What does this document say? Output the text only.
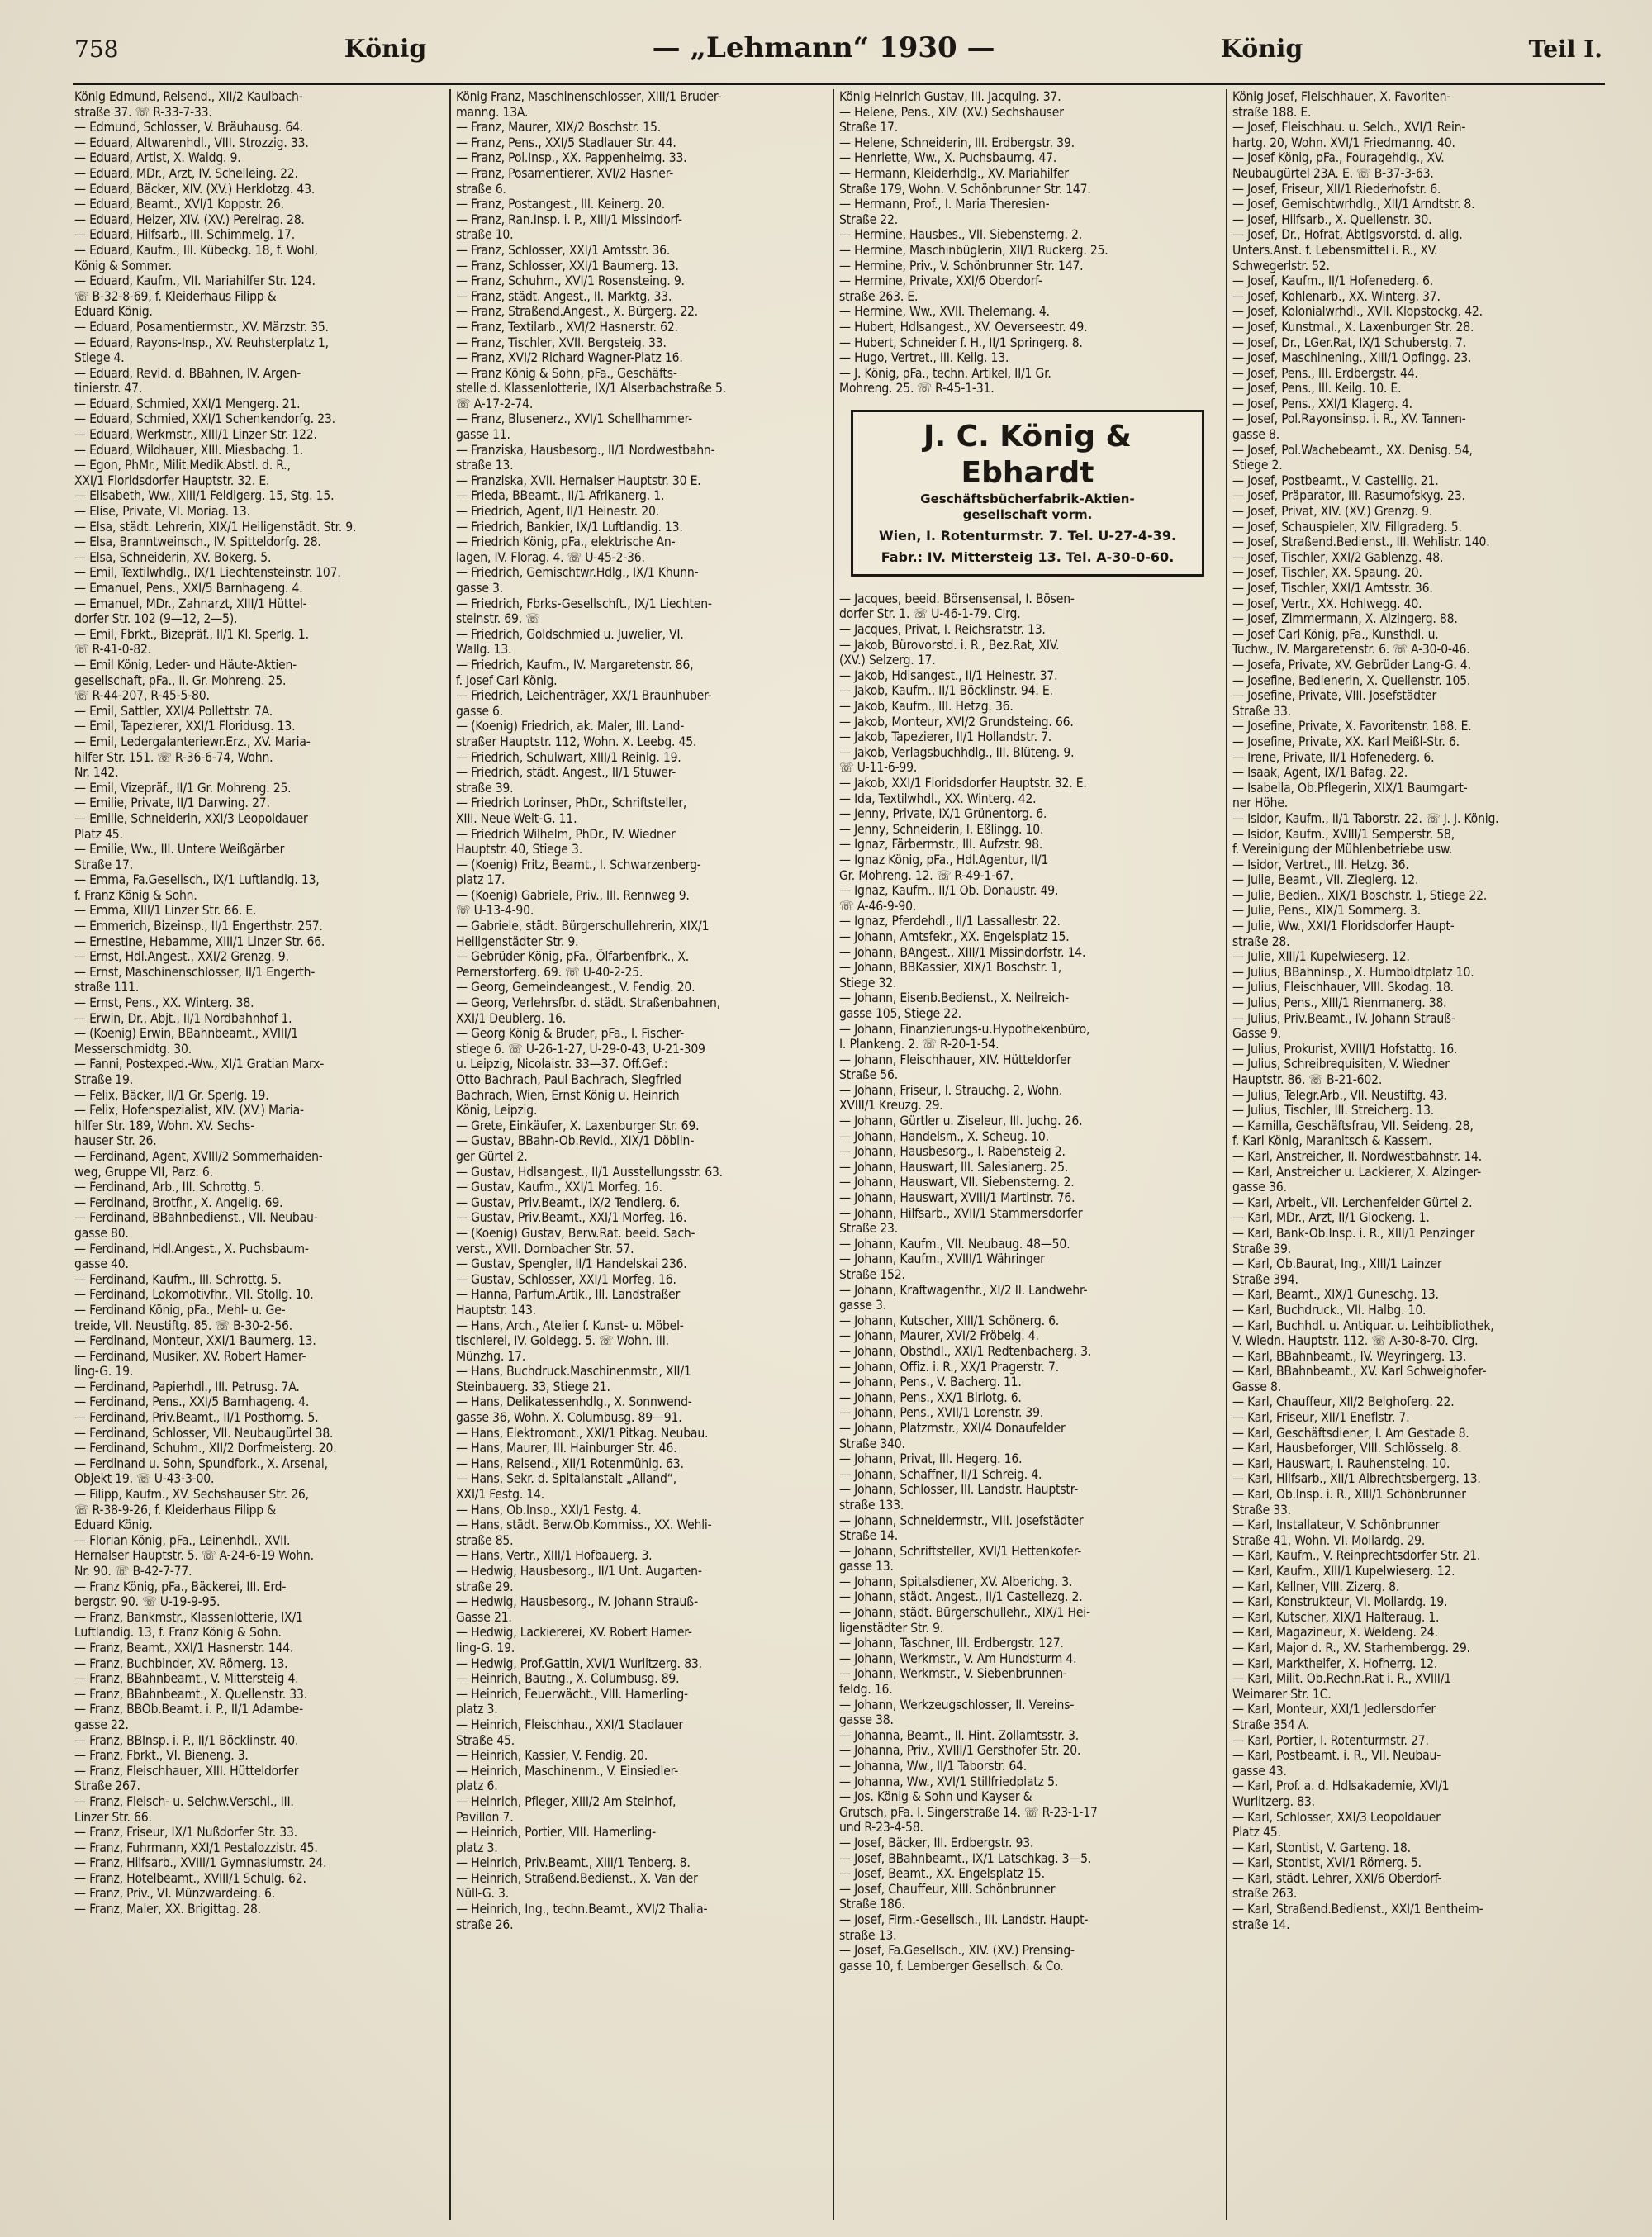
758	König	— „Lehmann“ 1930 —	König	Teil I.
König Edmund, Reisend., XII/2 Kaulbach-
straße 37. ☏ R-33-7-33.
— Edmund, Schlosser, V. Bräuhausg. 64.
— Eduard, Altwarenhdl., VIII. Strozzig. 33.
— Eduard, Artist, X. Waldg. 9.
— Eduard, MDr., Arzt, IV. Schelleing. 22.
— Eduard, Bäcker, XIV. (XV.) Herklotzg. 43.
— Eduard, Beamt., XVI/1 Koppstr. 26.
— Eduard, Heizer, XIV. (XV.) Pereirag. 28.
— Eduard, Hilfsarb., III. Schimmelg. 17.
— Eduard, Kaufm., III. Kübeckg. 18, f. Wohl,
König & Sommer.
— Eduard, Kaufm., VII. Mariahilfer Str. 124.
☏ B-32-8-69, f. Kleiderhaus Filipp &
Eduard König.
— Eduard, Posamentiermstr., XV. Märzstr. 35.
— Eduard, Rayons-Insp., XV. Reuhsterplatz 1,
Stiege 4.
— Eduard, Revid. d. BBahnen, IV. Argen-
tinierstr. 47.
— Eduard, Schmied, XXI/1 Mengerg. 21.
— Eduard, Schmied, XXI/1 Schenkendorfg. 23.
— Eduard, Werkmstr., XIII/1 Linzer Str. 122.
— Eduard, Wildhauer, XIII. Miesbachg. 1.
— Egon, PhMr., Milit.Medik.Abstl. d. R.,
XXI/1 Floridsdorfer Hauptstr. 32. E.
— Elisabeth, Ww., XIII/1 Feldigerg. 15, Stg. 15.
— Elise, Private, VI. Moriag. 13.
— Elsa, städt. Lehrerin, XIX/1 Heiligenstädt. Str. 9.
— Elsa, Branntweinsch., IV. Spitteldorfg. 28.
— Elsa, Schneiderin, XV. Bokerg. 5.
— Emil, Textilwhdlg., IX/1 Liechtensteinstr. 107.
— Emanuel, Pens., XXI/5 Barnhageng. 4.
— Emanuel, MDr., Zahnarzt, XIII/1 Hüttel-
dorfer Str. 102 (9—12, 2—5).
— Emil, Fbrkt., Bizepräf., II/1 Kl. Sperlg. 1.
☏ R-41-0-82.
— Emil König, Leder- und Häute-Aktien-
gesellschaft, pFa., II. Gr. Mohreng. 25.
☏ R-44-207, R-45-5-80.
— Emil, Sattler, XXI/4 Pollettstr. 7A.
— Emil, Tapezierer, XXI/1 Floridusg. 13.
— Emil, Ledergalanteriewr.Erz., XV. Maria-
hilfer Str. 151. ☏ R-36-6-74, Wohn.
Nr. 142.
— Emil, Vizepräf., II/1 Gr. Mohreng. 25.
— Emilie, Private, II/1 Darwing. 27.
— Emilie, Schneiderin, XXI/3 Leopoldauer
Platz 45.
— Emilie, Ww., III. Untere Weißgärber
Straße 17.
— Emma, Fa.Gesellsch., IX/1 Luftlandig. 13,
f. Franz König & Sohn.
— Emma, XIII/1 Linzer Str. 66. E.
— Emmerich, Bizeinsp., II/1 Engerthstr. 257.
— Ernestine, Hebamme, XIII/1 Linzer Str. 66.
— Ernst, Hdl.Angest., XXI/2 Grenzg. 9.
— Ernst, Maschinenschlosser, II/1 Engerth-
straße 111.
— Ernst, Pens., XX. Winterg. 38.
— Erwin, Dr., Abjt., II/1 Nordbahnhof 1.
— (Koenig) Erwin, BBahnbeamt., XVIII/1
Messerschmidtg. 30.
— Fanni, Postexped.-Ww., XI/1 Gratian Marx-
Straße 19.
— Felix, Bäcker, II/1 Gr. Sperlg. 19.
— Felix, Hofenspezialist, XIV. (XV.) Maria-
hilfer Str. 189, Wohn. XV. Sechs-
hauser Str. 26.
— Ferdinand, Agent, XVIII/2 Sommerhaiden-
weg, Gruppe VII, Parz. 6.
— Ferdinand, Arb., III. Schrottg. 5.
— Ferdinand, Brotfhr., X. Angelig. 69.
— Ferdinand, BBahnbedienst., VII. Neubau-
gasse 80.
— Ferdinand, Hdl.Angest., X. Puchsbaum-
gasse 40.
— Ferdinand, Kaufm., III. Schrottg. 5.
— Ferdinand, Lokomotivfhr., VII. Stollg. 10.
— Ferdinand König, pFa., Mehl- u. Ge-
treide, VII. Neustiftg. 85. ☏ B-30-2-56.
— Ferdinand, Monteur, XXI/1 Baumerg. 13.
— Ferdinand, Musiker, XV. Robert Hamer-
ling-G. 19.
— Ferdinand, Papierhdl., III. Petrusg. 7A.
— Ferdinand, Pens., XXI/5 Barnhageng. 4.
— Ferdinand, Priv.Beamt., II/1 Posthorng. 5.
— Ferdinand, Schlosser, VII. Neubaugürtel 38.
— Ferdinand, Schuhm., XII/2 Dorfmeisterg. 20.
— Ferdinand u. Sohn, Spundfbrk., X. Arsenal,
Objekt 19. ☏ U-43-3-00.
— Filipp, Kaufm., XV. Sechshauser Str. 26,
☏ R-38-9-26, f. Kleiderhaus Filipp &
Eduard König.
— Florian König, pFa., Leinenhdl., XVII.
Hernalser Hauptstr. 5. ☏ A-24-6-19 Wohn.
Nr. 90. ☏ B-42-7-77.
— Franz König, pFa., Bäckerei, III. Erd-
bergstr. 90. ☏ U-19-9-95.
— Franz, Bankmstr., Klassenlotterie, IX/1
Luftlandig. 13, f. Franz König & Sohn.
— Franz, Beamt., XXI/1 Hasnerstr. 144.
— Franz, Buchbinder, XV. Römerg. 13.
— Franz, BBahnbeamt., V. Mittersteig 4.
— Franz, BBahnbeamt., X. Quellenstr. 33.
— Franz, BBOb.Beamt. i. P., II/1 Adambe-
gasse 22.
— Franz, BBInsp. i. P., II/1 Böcklinstr. 40.
— Franz, Fbrkt., VI. Bieneng. 3.
— Franz, Fleischhauer, XIII. Hütteldorfer
Straße 267.
— Franz, Fleisch- u. Selchw.Verschl., III.
Linzer Str. 66.
— Franz, Friseur, IX/1 Nußdorfer Str. 33.
— Franz, Fuhrmann, XXI/1 Pestalozzistr. 45.
— Franz, Hilfsarb., XVIII/1 Gymnasiumstr. 24.
— Franz, Hotelbeamt., XVIII/1 Schulg. 62.
— Franz, Priv., VI. Münzwardeing. 6.
— Franz, Maler, XX. Brigittag. 28.
König Franz, Maschinenschlosser, XIII/1 Bruder-
manng. 13A.
— Franz, Maurer, XIX/2 Boschstr. 15.
— Franz, Pens., XXI/5 Stadlauer Str. 44.
— Franz, Pol.Insp., XX. Pappenheimg. 33.
— Franz, Posamentierer, XVI/2 Hasner-
straße 6.
— Franz, Postangest., III. Keinerg. 20.
— Franz, Ran.Insp. i. P., XIII/1 Missindorf-
straße 10.
— Franz, Schlosser, XXI/1 Amtsstr. 36.
— Franz, Schlosser, XXI/1 Baumerg. 13.
— Franz, Schuhm., XVI/1 Rosensteing. 9.
— Franz, städt. Angest., II. Marktg. 33.
— Franz, Straßend.Angest., X. Bürgerg. 22.
— Franz, Textilarb., XVI/2 Hasnerstr. 62.
— Franz, Tischler, XVII. Bergsteig. 33.
— Franz, XVI/2 Richard Wagner-Platz 16.
— Franz König & Sohn, pFa., Geschäfts-
stelle d. Klassenlotterie, IX/1 Alserbachstraße 5.
☏ A-17-2-74.
— Franz, Blusenerz., XVI/1 Schellhammer-
gasse 11.
— Franziska, Hausbesorg., II/1 Nordwestbahn-
straße 13.
— Franziska, XVII. Hernalser Hauptstr. 30 E.
— Frieda, BBeamt., II/1 Afrikanerg. 1.
— Friedrich, Agent, II/1 Heinestr. 20.
— Friedrich, Bankier, IX/1 Luftlandig. 13.
— Friedrich König, pFa., elektrische An-
lagen, IV. Florag. 4. ☏ U-45-2-36.
— Friedrich, Gemischtwr.Hdlg., IX/1 Khunn-
gasse 3.
— Friedrich, Fbrks-Gesellschft., IX/1 Liechten-
steinstr. 69. ☏
— Friedrich, Goldschmied u. Juwelier, VI.
Wallg. 13.
— Friedrich, Kaufm., IV. Margaretenstr. 86,
f. Josef Carl König.
— Friedrich, Leichenträger, XX/1 Braunhuber-
gasse 6.
— (Koenig) Friedrich, ak. Maler, III. Land-
straßer Hauptstr. 112, Wohn. X. Leebg. 45.
— Friedrich, Schulwart, XIII/1 Reinlg. 19.
— Friedrich, städt. Angest., II/1 Stuwer-
straße 39.
— Friedrich Lorinser, PhDr., Schriftsteller,
XIII. Neue Welt-G. 11.
— Friedrich Wilhelm, PhDr., IV. Wiedner
Hauptstr. 40, Stiege 3.
— (Koenig) Fritz, Beamt., I. Schwarzenberg-
platz 17.
— (Koenig) Gabriele, Priv., III. Rennweg 9.
☏ U-13-4-90.
— Gabriele, städt. Bürgerschullehrerin, XIX/1
Heiligenstädter Str. 9.
— Gebrüder König, pFa., Ölfarbenfbrk., X.
Pernerstorferg. 69. ☏ U-40-2-25.
— Georg, Gemeindeangest., V. Fendig. 20.
— Georg, Verlehrsfbr. d. städt. Straßenbahnen,
XXI/1 Deublerg. 16.
— Georg König & Bruder, pFa., I. Fischer-
stiege 6. ☏ U-26-1-27, U-29-0-43, U-21-309
u. Leipzig, Nicolaistr. 33—37. Öff.Gef.:
Otto Bachrach, Paul Bachrach, Siegfried
Bachrach, Wien, Ernst König u. Heinrich
König, Leipzig.
— Grete, Einkäufer, X. Laxenburger Str. 69.
— Gustav, BBahn-Ob.Revid., XIX/1 Döblin-
ger Gürtel 2.
— Gustav, Hdlsangest., II/1 Ausstellungsstr. 63.
— Gustav, Kaufm., XXI/1 Morfeg. 16.
— Gustav, Priv.Beamt., IX/2 Tendlerg. 6.
— Gustav, Priv.Beamt., XXI/1 Morfeg. 16.
— (Koenig) Gustav, Berw.Rat. beeid. Sach-
verst., XVII. Dornbacher Str. 57.
— Gustav, Spengler, II/1 Handelskai 236.
— Gustav, Schlosser, XXI/1 Morfeg. 16.
— Hanna, Parfum.Artik., III. Landstraßer
Hauptstr. 143.
— Hans, Arch., Atelier f. Kunst- u. Möbel-
tischlerei, IV. Goldegg. 5. ☏ Wohn. III.
Münzhg. 17.
— Hans, Buchdruck.Maschinenmstr., XII/1
Steinbauerg. 33, Stiege 21.
— Hans, Delikatessenhdlg., X. Sonnwend-
gasse 36, Wohn. X. Columbusg. 89—91.
— Hans, Elektromont., XXI/1 Pitkag. Neubau.
— Hans, Maurer, III. Hainburger Str. 46.
— Hans, Reisend., XII/1 Rotenmühlg. 63.
— Hans, Sekr. d. Spitalanstalt „Alland“,
XXI/1 Festg. 14.
— Hans, Ob.Insp., XXI/1 Festg. 4.
— Hans, städt. Berw.Ob.Kommiss., XX. Wehli-
straße 85.
— Hans, Vertr., XIII/1 Hofbauerg. 3.
— Hedwig, Hausbesorg., II/1 Unt. Augarten-
straße 29.
— Hedwig, Hausbesorg., IV. Johann Strauß-
Gasse 21.
— Hedwig, Lackiererei, XV. Robert Hamer-
ling-G. 19.
— Hedwig, Prof.Gattin, XVI/1 Wurlitzerg. 83.
— Heinrich, Bautng., X. Columbusg. 89.
— Heinrich, Feuerwächt., VIII. Hamerling-
platz 3.
— Heinrich, Fleischhau., XXI/1 Stadlauer
Straße 45.
— Heinrich, Kassier, V. Fendig. 20.
— Heinrich, Maschinenm., V. Einsiedler-
platz 6.
— Heinrich, Pfleger, XIII/2 Am Steinhof,
Pavillon 7.
— Heinrich, Portier, VIII. Hamerling-
platz 3.
— Heinrich, Priv.Beamt., XIII/1 Tenberg. 8.
— Heinrich, Straßend.Bedienst., X. Van der
Nüll-G. 3.
— Heinrich, Ing., techn.Beamt., XVI/2 Thalia-
straße 26.
König Heinrich Gustav, III. Jacquing. 37.
— Helene, Pens., XIV. (XV.) Sechshauser
Straße 17.
— Helene, Schneiderin, III. Erdbergstr. 39.
— Henriette, Ww., X. Puchsbaumg. 47.
— Hermann, Kleiderhdlg., XV. Mariahilfer
Straße 179, Wohn. V. Schönbrunner Str. 147.
— Hermann, Prof., I. Maria Theresien-
Straße 22.
— Hermine, Hausbes., VII. Siebensterng. 2.
— Hermine, Maschinbüglerin, XII/1 Ruckerg. 25.
— Hermine, Priv., V. Schönbrunner Str. 147.
— Hermine, Private, XXI/6 Oberdorf-
straße 263. E.
— Hermine, Ww., XVII. Thelemang. 4.
— Hubert, Hdlsangest., XV. Oeverseestr. 49.
— Hubert, Schneider f. H., II/1 Springerg. 8.
— Hugo, Vertret., III. Keilg. 13.
— J. König, pFa., techn. Artikel, II/1 Gr.
Mohreng. 25. ☏ R-45-1-31.
J. C. König & Ebhardt
Geschäftsbücherfabrik-Aktien-
gesellschaft vorm.
Wien, I. Rotenturmstr. 7. Tel. U-27-4-39.
Fabr.: IV. Mittersteig 13. Tel. A-30-0-60.
— Jacques, beeid. Börsensensal, I. Bösen-
dorfer Str. 1. ☏ U-46-1-79. Clrg.
— Jacques, Privat, I. Reichsratstr. 13.
— Jakob, Bürovorstd. i. R., Bez.Rat, XIV.
(XV.) Selzerg. 17.
— Jakob, Hdlsangest., II/1 Heinestr. 37.
— Jakob, Kaufm., II/1 Böcklinstr. 94. E.
— Jakob, Kaufm., III. Hetzg. 36.
— Jakob, Monteur, XVI/2 Grundsteing. 66.
— Jakob, Tapezierer, II/1 Hollandstr. 7.
— Jakob, Verlagsbuchhdlg., III. Blüteng. 9.
☏ U-11-6-99.
— Jakob, XXI/1 Floridsdorfer Hauptstr. 32. E.
— Ida, Textilwhdl., XX. Winterg. 42.
— Jenny, Private, IX/1 Grünentorg. 6.
— Jenny, Schneiderin, I. Eßlingg. 10.
— Ignaz, Färbermstr., III. Aufzstr. 98.
— Ignaz König, pFa., Hdl.Agentur, II/1
Gr. Mohreng. 12. ☏ R-49-1-67.
— Ignaz, Kaufm., II/1 Ob. Donaustr. 49.
☏ A-46-9-90.
— Ignaz, Pferdehdl., II/1 Lassallestr. 22.
— Johann, Amtsfekr., XX. Engelsplatz 15.
— Johann, BAngest., XIII/1 Missindorfstr. 14.
— Johann, BBKassier, XIX/1 Boschstr. 1,
Stiege 32.
— Johann, Eisenb.Bedienst., X. Neilreich-
gasse 105, Stiege 22.
— Johann, Finanzierungs-u.Hypothekenbüro,
I. Plankeng. 2. ☏ R-20-1-54.
— Johann, Fleischhauer, XIV. Hütteldorfer
Straße 56.
— Johann, Friseur, I. Strauchg. 2, Wohn.
XVIII/1 Kreuzg. 29.
— Johann, Gürtler u. Ziseleur, III. Juchg. 26.
— Johann, Handelsm., X. Scheug. 10.
— Johann, Hausbesorg., I. Rabensteig 2.
— Johann, Hauswart, III. Salesianerg. 25.
— Johann, Hauswart, VII. Siebensterng. 2.
— Johann, Hauswart, XVIII/1 Martinstr. 76.
— Johann, Hilfsarb., XVII/1 Stammersdorfer
Straße 23.
— Johann, Kaufm., VII. Neubaug. 48—50.
— Johann, Kaufm., XVIII/1 Währinger
Straße 152.
— Johann, Kraftwagenfhr., XI/2 II. Landwehr-
gasse 3.
— Johann, Kutscher, XIII/1 Schönerg. 6.
— Johann, Maurer, XVI/2 Fröbelg. 4.
— Johann, Obsthdl., XXI/1 Redtenbacherg. 3.
— Johann, Offiz. i. R., XX/1 Pragerstr. 7.
— Johann, Pens., V. Bacherg. 11.
— Johann, Pens., XX/1 Biriotg. 6.
— Johann, Pens., XVII/1 Lorenstr. 39.
— Johann, Platzmstr., XXI/4 Donaufelder
Straße 340.
— Johann, Privat, III. Hegerg. 16.
— Johann, Schaffner, II/1 Schreig. 4.
— Johann, Schlosser, III. Landstr. Hauptstr-
straße 133.
— Johann, Schneidermstr., VIII. Josefstädter
Straße 14.
— Johann, Schriftsteller, XVI/1 Hettenkofer-
gasse 13.
— Johann, Spitalsdiener, XV. Alberichg. 3.
— Johann, städt. Angest., II/1 Castellezg. 2.
— Johann, städt. Bürgerschullehr., XIX/1 Hei-
ligenstädter Str. 9.
— Johann, Taschner, III. Erdbergstr. 127.
— Johann, Werkmstr., V. Am Hundsturm 4.
— Johann, Werkmstr., V. Siebenbrunnen-
feldg. 16.
— Johann, Werkzeugschlosser, II. Vereins-
gasse 38.
— Johanna, Beamt., II. Hint. Zollamtsstr. 3.
— Johanna, Priv., XVIII/1 Gersthofer Str. 20.
— Johanna, Ww., II/1 Taborstr. 64.
— Johanna, Ww., XVI/1 Stillfriedplatz 5.
— Jos. König & Sohn und Kayser &
Grutsch, pFa. I. Singerstraße 14. ☏ R-23-1-17
und R-23-4-58.
— Josef, Bäcker, III. Erdbergstr. 93.
— Josef, BBahnbeamt., IX/1 Latschkag. 3—5.
— Josef, Beamt., XX. Engelsplatz 15.
— Josef, Chauffeur, XIII. Schönbrunner
Straße 186.
— Josef, Firm.-Gesellsch., III. Landstr. Haupt-
straße 13.
— Josef, Fa.Gesellsch., XIV. (XV.) Prensing-
gasse 10, f. Lemberger Gesellsch. & Co.
König Josef, Fleischhauer, X. Favoriten-
straße 188. E.
— Josef, Fleischhau. u. Selch., XVI/1 Rein-
hartg. 20, Wohn. XVI/1 Friedmanng. 40.
— Josef König, pFa., Fouragehdlg., XV.
Neubaugürtel 23A. E. ☏ B-37-3-63.
— Josef, Friseur, XII/1 Riederhofstr. 6.
— Josef, Gemischtwrhdlg., XII/1 Arndtstr. 8.
— Josef, Hilfsarb., X. Quellenstr. 30.
— Josef, Dr., Hofrat, Abtlgsvorstd. d. allg.
Unters.Anst. f. Lebensmittel i. R., XV.
Schwegerlstr. 52.
— Josef, Kaufm., II/1 Hofenederg. 6.
— Josef, Kohlenarb., XX. Winterg. 37.
— Josef, Kolonialwrhdl., XVII. Klopstockg. 42.
— Josef, Kunstmal., X. Laxenburger Str. 28.
— Josef, Dr., LGer.Rat, IX/1 Schuberstg. 7.
— Josef, Maschinening., XIII/1 Opfingg. 23.
— Josef, Pens., III. Erdbergstr. 44.
— Josef, Pens., III. Keilg. 10. E.
— Josef, Pens., XXI/1 Klagerg. 4.
— Josef, Pol.Rayonsinsp. i. R., XV. Tannen-
gasse 8.
— Josef, Pol.Wachebeamt., XX. Denisg. 54,
Stiege 2.
— Josef, Postbeamt., V. Castellig. 21.
— Josef, Präparator, III. Rasumofskyg. 23.
— Josef, Privat, XIV. (XV.) Grenzg. 9.
— Josef, Schauspieler, XIV. Fillgraderg. 5.
— Josef, Straßend.Bedienst., III. Wehlistr. 140.
— Josef, Tischler, XXI/2 Gablenzg. 48.
— Josef, Tischler, XX. Spaung. 20.
— Josef, Tischler, XXI/1 Amtsstr. 36.
— Josef, Vertr., XX. Hohlwegg. 40.
— Josef, Zimmermann, X. Alzingerg. 88.
— Josef Carl König, pFa., Kunsthdl. u.
Tuchw., IV. Margaretenstr. 6. ☏ A-30-0-46.
— Josefa, Private, XV. Gebrüder Lang-G. 4.
— Josefine, Bedienerin, X. Quellenstr. 105.
— Josefine, Private, VIII. Josefstädter
Straße 33.
— Josefine, Private, X. Favoritenstr. 188. E.
— Josefine, Private, XX. Karl Meißl-Str. 6.
— Irene, Private, II/1 Hofenederg. 6.
— Isaak, Agent, IX/1 Bafag. 22.
— Isabella, Ob.Pflegerin, XIX/1 Baumgart-
ner Höhe.
— Isidor, Kaufm., II/1 Taborstr. 22. ☏ J. J. König.
— Isidor, Kaufm., XVIII/1 Semperstr. 58,
f. Vereinigung der Mühlenbetriebe usw.
— Isidor, Vertret., III. Hetzg. 36.
— Julie, Beamt., VII. Zieglerg. 12.
— Julie, Bedien., XIX/1 Boschstr. 1, Stiege 22.
— Julie, Pens., XIX/1 Sommerg. 3.
— Julie, Ww., XXI/1 Floridsdorfer Haupt-
straße 28.
— Julie, XIII/1 Kupelwieserg. 12.
— Julius, BBahninsp., X. Humboldtplatz 10.
— Julius, Fleischhauer, VIII. Skodag. 18.
— Julius, Pens., XIII/1 Rienmanerg. 38.
— Julius, Priv.Beamt., IV. Johann Strauß-
Gasse 9.
— Julius, Prokurist, XVIII/1 Hofstattg. 16.
— Julius, Schreibrequisiten, V. Wiedner
Hauptstr. 86. ☏ B-21-602.
— Julius, Telegr.Arb., VII. Neustiftg. 43.
— Julius, Tischler, III. Streicherg. 13.
— Kamilla, Geschäftsfrau, VII. Seideng. 28,
f. Karl König, Maranitsch & Kassern.
— Karl, Anstreicher, II. Nordwestbahnstr. 14.
— Karl, Anstreicher u. Lackierer, X. Alzinger-
gasse 36.
— Karl, Arbeit., VII. Lerchenfelder Gürtel 2.
— Karl, MDr., Arzt, II/1 Glockeng. 1.
— Karl, Bank-Ob.Insp. i. R., XIII/1 Penzinger
Straße 39.
— Karl, Ob.Baurat, Ing., XIII/1 Lainzer
Straße 394.
— Karl, Beamt., XIX/1 Guneschg. 13.
— Karl, Buchdruck., VII. Halbg. 10.
— Karl, Buchhdl. u. Antiquar. u. Leihbibliothek,
V. Wiedn. Hauptstr. 112. ☏ A-30-8-70. Clrg.
— Karl, BBahnbeamt., IV. Weyringerg. 13.
— Karl, BBahnbeamt., XV. Karl Schweighofer-
Gasse 8.
— Karl, Chauffeur, XII/2 Belghoferg. 22.
— Karl, Friseur, XII/1 Eneflstr. 7.
— Karl, Geschäftsdiener, I. Am Gestade 8.
— Karl, Hausbeforger, VIII. Schlösselg. 8.
— Karl, Hauswart, I. Rauhensteing. 10.
— Karl, Hilfsarb., XII/1 Albrechtsbergerg. 13.
— Karl, Ob.Insp. i. R., XIII/1 Schönbrunner
Straße 33.
— Karl, Installateur, V. Schönbrunner
Straße 41, Wohn. VI. Mollardg. 29.
— Karl, Kaufm., V. Reinprechtsdorfer Str. 21.
— Karl, Kaufm., XIII/1 Kupelwieserg. 12.
— Karl, Kellner, VIII. Zizerg. 8.
— Karl, Konstrukteur, VI. Mollardg. 19.
— Karl, Kutscher, XIX/1 Halteraug. 1.
— Karl, Magazineur, X. Weldeng. 24.
— Karl, Major d. R., XV. Starhembergg. 29.
— Karl, Markthelfer, X. Hofherrg. 12.
— Karl, Milit. Ob.Rechn.Rat i. R., XVIII/1
Weimarer Str. 1C.
— Karl, Monteur, XXI/1 Jedlersdorfer
Straße 354 A.
— Karl, Portier, I. Rotenturmstr. 27.
— Karl, Postbeamt. i. R., VII. Neubau-
gasse 43.
— Karl, Prof. a. d. Hdlsakademie, XVI/1
Wurlitzerg. 83.
— Karl, Schlosser, XXI/3 Leopoldauer
Platz 45.
— Karl, Stontist, V. Garteng. 18.
— Karl, Stontist, XVI/1 Römerg. 5.
— Karl, städt. Lehrer, XXI/6 Oberdorf-
straße 263.
— Karl, Straßend.Bedienst., XXI/1 Bentheim-
straße 14.
